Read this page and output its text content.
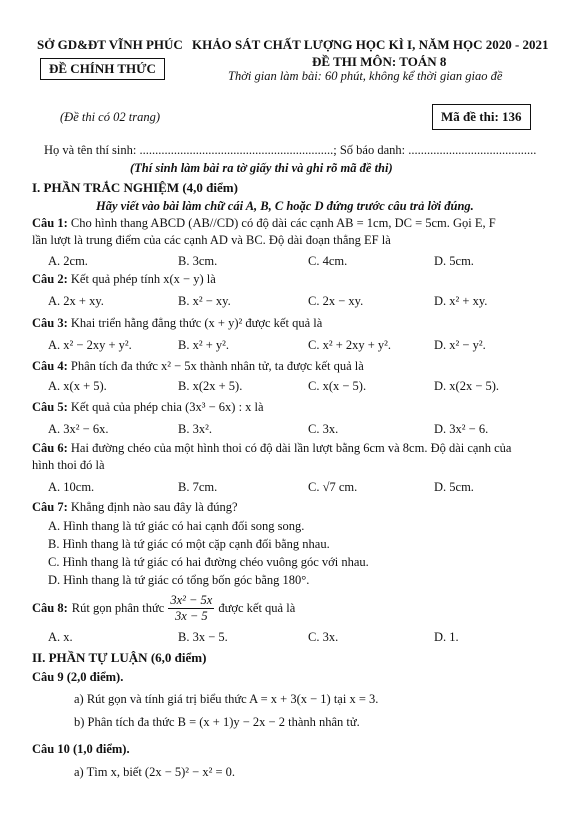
SỞ GD&ĐT VĨNH PHÚC
ĐỀ CHÍNH THỨC
KHẢO SÁT CHẤT LƯỢNG HỌC KÌ I, NĂM HỌC 2020 - 2021
ĐỀ THI MÔN: TOÁN 8
Thời gian làm bài: 60 phút, không kể thời gian giao đề
(Đề thi có 02 trang)	Mã đề thi: 136
Họ và tên thí sinh: ..............................................................; Số báo danh: .........................................
(Thí sinh làm bài ra tờ giấy thi và ghi rõ mã đề thi)
I. PHẦN TRẮC NGHIỆM (4,0 điểm)
Hãy viết vào bài làm chữ cái A, B, C hoặc D đứng trước câu trả lời đúng.
Câu 1: Cho hình thang ABCD (AB//CD) có độ dài các cạnh AB = 1cm, DC = 5cm. Gọi E, F
lần lượt là trung điểm của các cạnh AD và BC. Độ dài đoạn thẳng EF là
A. 2cm.	B. 3cm.	C. 4cm.	D. 5cm.
Câu 2: Kết quả phép tính x(x − y) là
A. 2x + xy.	B. x² − xy.	C. 2x − xy.	D. x² + xy.
Câu 3: Khai triển hằng đẳng thức (x + y)² được kết quả là
A. x² − 2xy + y².	B. x² + y².	C. x² + 2xy + y².	D. x² − y².
Câu 4: Phân tích đa thức x² − 5x thành nhân tử, ta được kết quả là
A. x(x + 5).	B. x(2x + 5).	C. x(x − 5).	D. x(2x − 5).
Câu 5: Kết quả của phép chia (3x³ − 6x) : x là
A. 3x² − 6x.	B. 3x².	C. 3x.	D. 3x² − 6.
Câu 6: Hai đường chéo của một hình thoi có độ dài lần lượt bằng 6cm và 8cm. Độ dài cạnh của
hình thoi đó là
A. 10cm.	B. 7cm.	C. √7 cm.	D. 5cm.
Câu 7: Khẳng định nào sau đây là đúng?
A. Hình thang là tứ giác có hai cạnh đối song song.
B. Hình thang là tứ giác có một cặp cạnh đối bằng nhau.
C. Hình thang là tứ giác có hai đường chéo vuông góc với nhau.
D. Hình thang là tứ giác có tổng bốn góc bằng 180°.
Câu 8: Rút gọn phân thức $\frac{\text{3x² − 5x}}{3x - 5}$ được kết quả là
A. x.	B. 3x − 5.	C. 3x.	D. 1.
II. PHẦN TỰ LUẬN (6,0 điểm)
Câu 9 (2,0 điểm).
a) Rút gọn và tính giá trị biểu thức A = x + 3(x − 1) tại x = 3.
b) Phân tích đa thức B = (x + 1)y − 2x − 2 thành nhân tử.
Câu 10 (1,0 điểm).
a) Tìm x, biết (2x − 5)² − x² = 0.
